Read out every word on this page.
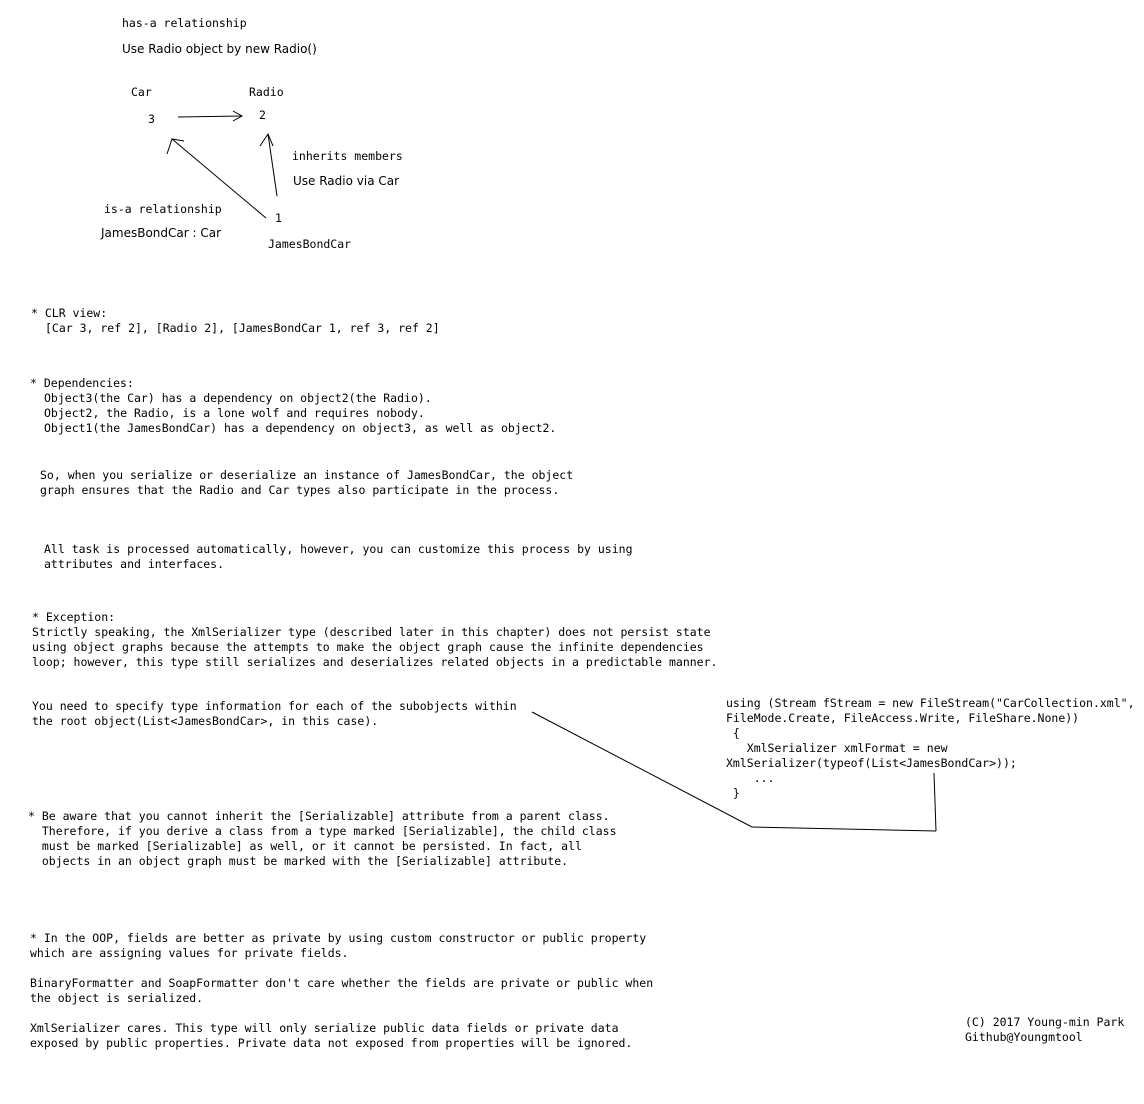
has-a relationship
Use Radio object by new Radio()
Car
3
Radio
2
inherits members
Use Radio via Car
is-a relationship
JamesBondCar : Car
1
JamesBondCar
* CLR view:
[Car 3, ref 2], [Radio 2], [JamesBondCar 1, ref 3, ref 2]
* Dependencies:
Object3(the Car) has a dependency on object2(the Radio).
Object2, the Radio, is a lone wolf and requires nobody.
Object1(the JamesBondCar) has a dependency on object3, as well as object2.
So, when you serialize or deserialize an instance of JamesBondCar, the object
graph ensures that the Radio and Car types also participate in the process.
All task is processed automatically, however, you can customize this process by using
attributes and interfaces.
* Exception:
Strictly speaking, the XmlSerializer type (described later in this chapter) does not persist state
using object graphs because the attempts to make the object graph cause the infinite dependencies
loop; however, this type still serializes and deserializes related objects in a predictable manner.
You need to specify type information for each of the subobjects within
the root object(List<JamesBondCar>, in this case).
using (Stream fStream = new FileStream("CarCollection.xml",
FileMode.Create, FileAccess.Write, FileShare.None))
{
XmlSerializer xmlFormat = new
XmlSerializer(typeof(List<JamesBondCar>));
...
}
* Be aware that you cannot inherit the [Serializable] attribute from a parent class.
Therefore, if you derive a class from a type marked [Serializable], the child class
must be marked [Serializable] as well, or it cannot be persisted. In fact, all
objects in an object graph must be marked with the [Serializable] attribute.
* In the OOP, fields are better as private by using custom constructor or public property
which are assigning values for private fields.
BinaryFormatter and SoapFormatter don't care whether the fields are private or public when
the object is serialized.
XmlSerializer cares. This type will only serialize public data fields or private data
exposed by public properties. Private data not exposed from properties will be ignored.
(C) 2017 Young-min Park
Github@Youngmtool
